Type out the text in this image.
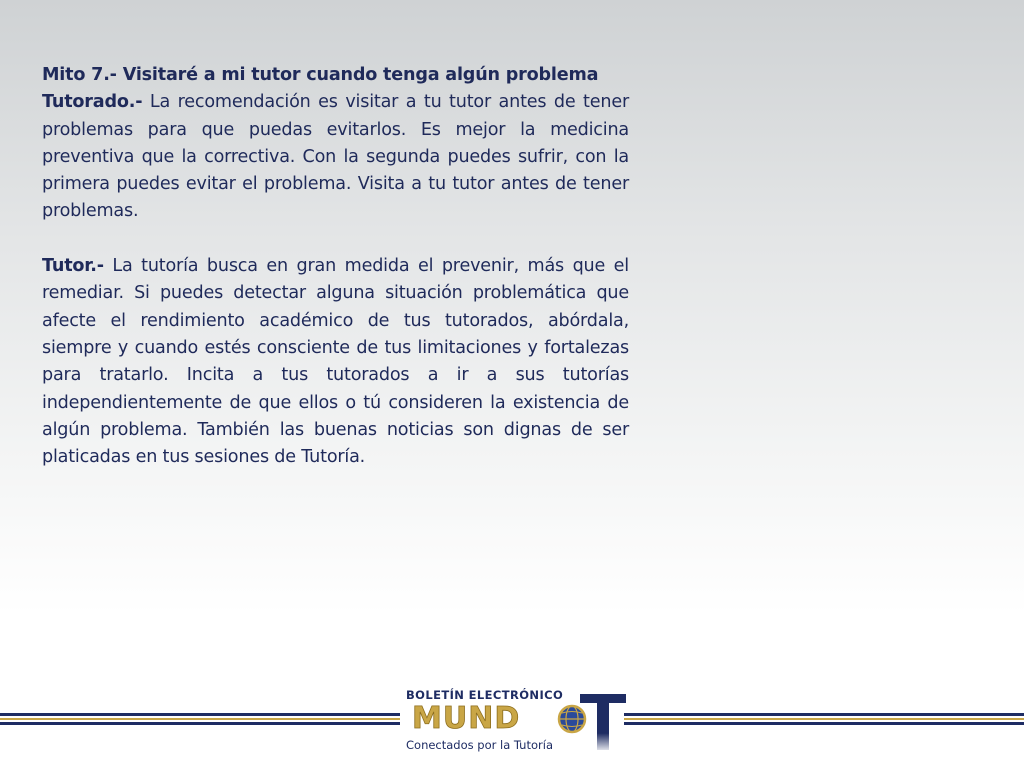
Mito 7.- Visitaré a mi tutor cuando tenga algún problema

Tutorado.- La recomendación es visitar a tu tutor antes de tener problemas para que puedas evitarlos. Es mejor la medicina preventiva que la correctiva. Con la segunda puedes sufrir, con la primera puedes evitar el problema. Visita a tu tutor antes de tener problemas.

Tutor.- La tutoría busca en gran medida el prevenir, más que el remediar. Si puedes detectar alguna situación problemática que afecte el rendimiento académico de tus tutorados, abórdala, siempre y cuando estés consciente de tus limitaciones y fortalezas para tratarlo. Incita a tus tutorados a ir a sus tutorías independientemente de que ellos o tú consideren la existencia de algún problema. También las buenas noticias son dignas de ser platicadas en tus sesiones de Tutoría.

BOLETÍN ELECTRÓNICO
MUND
Conectados por la Tutoría
